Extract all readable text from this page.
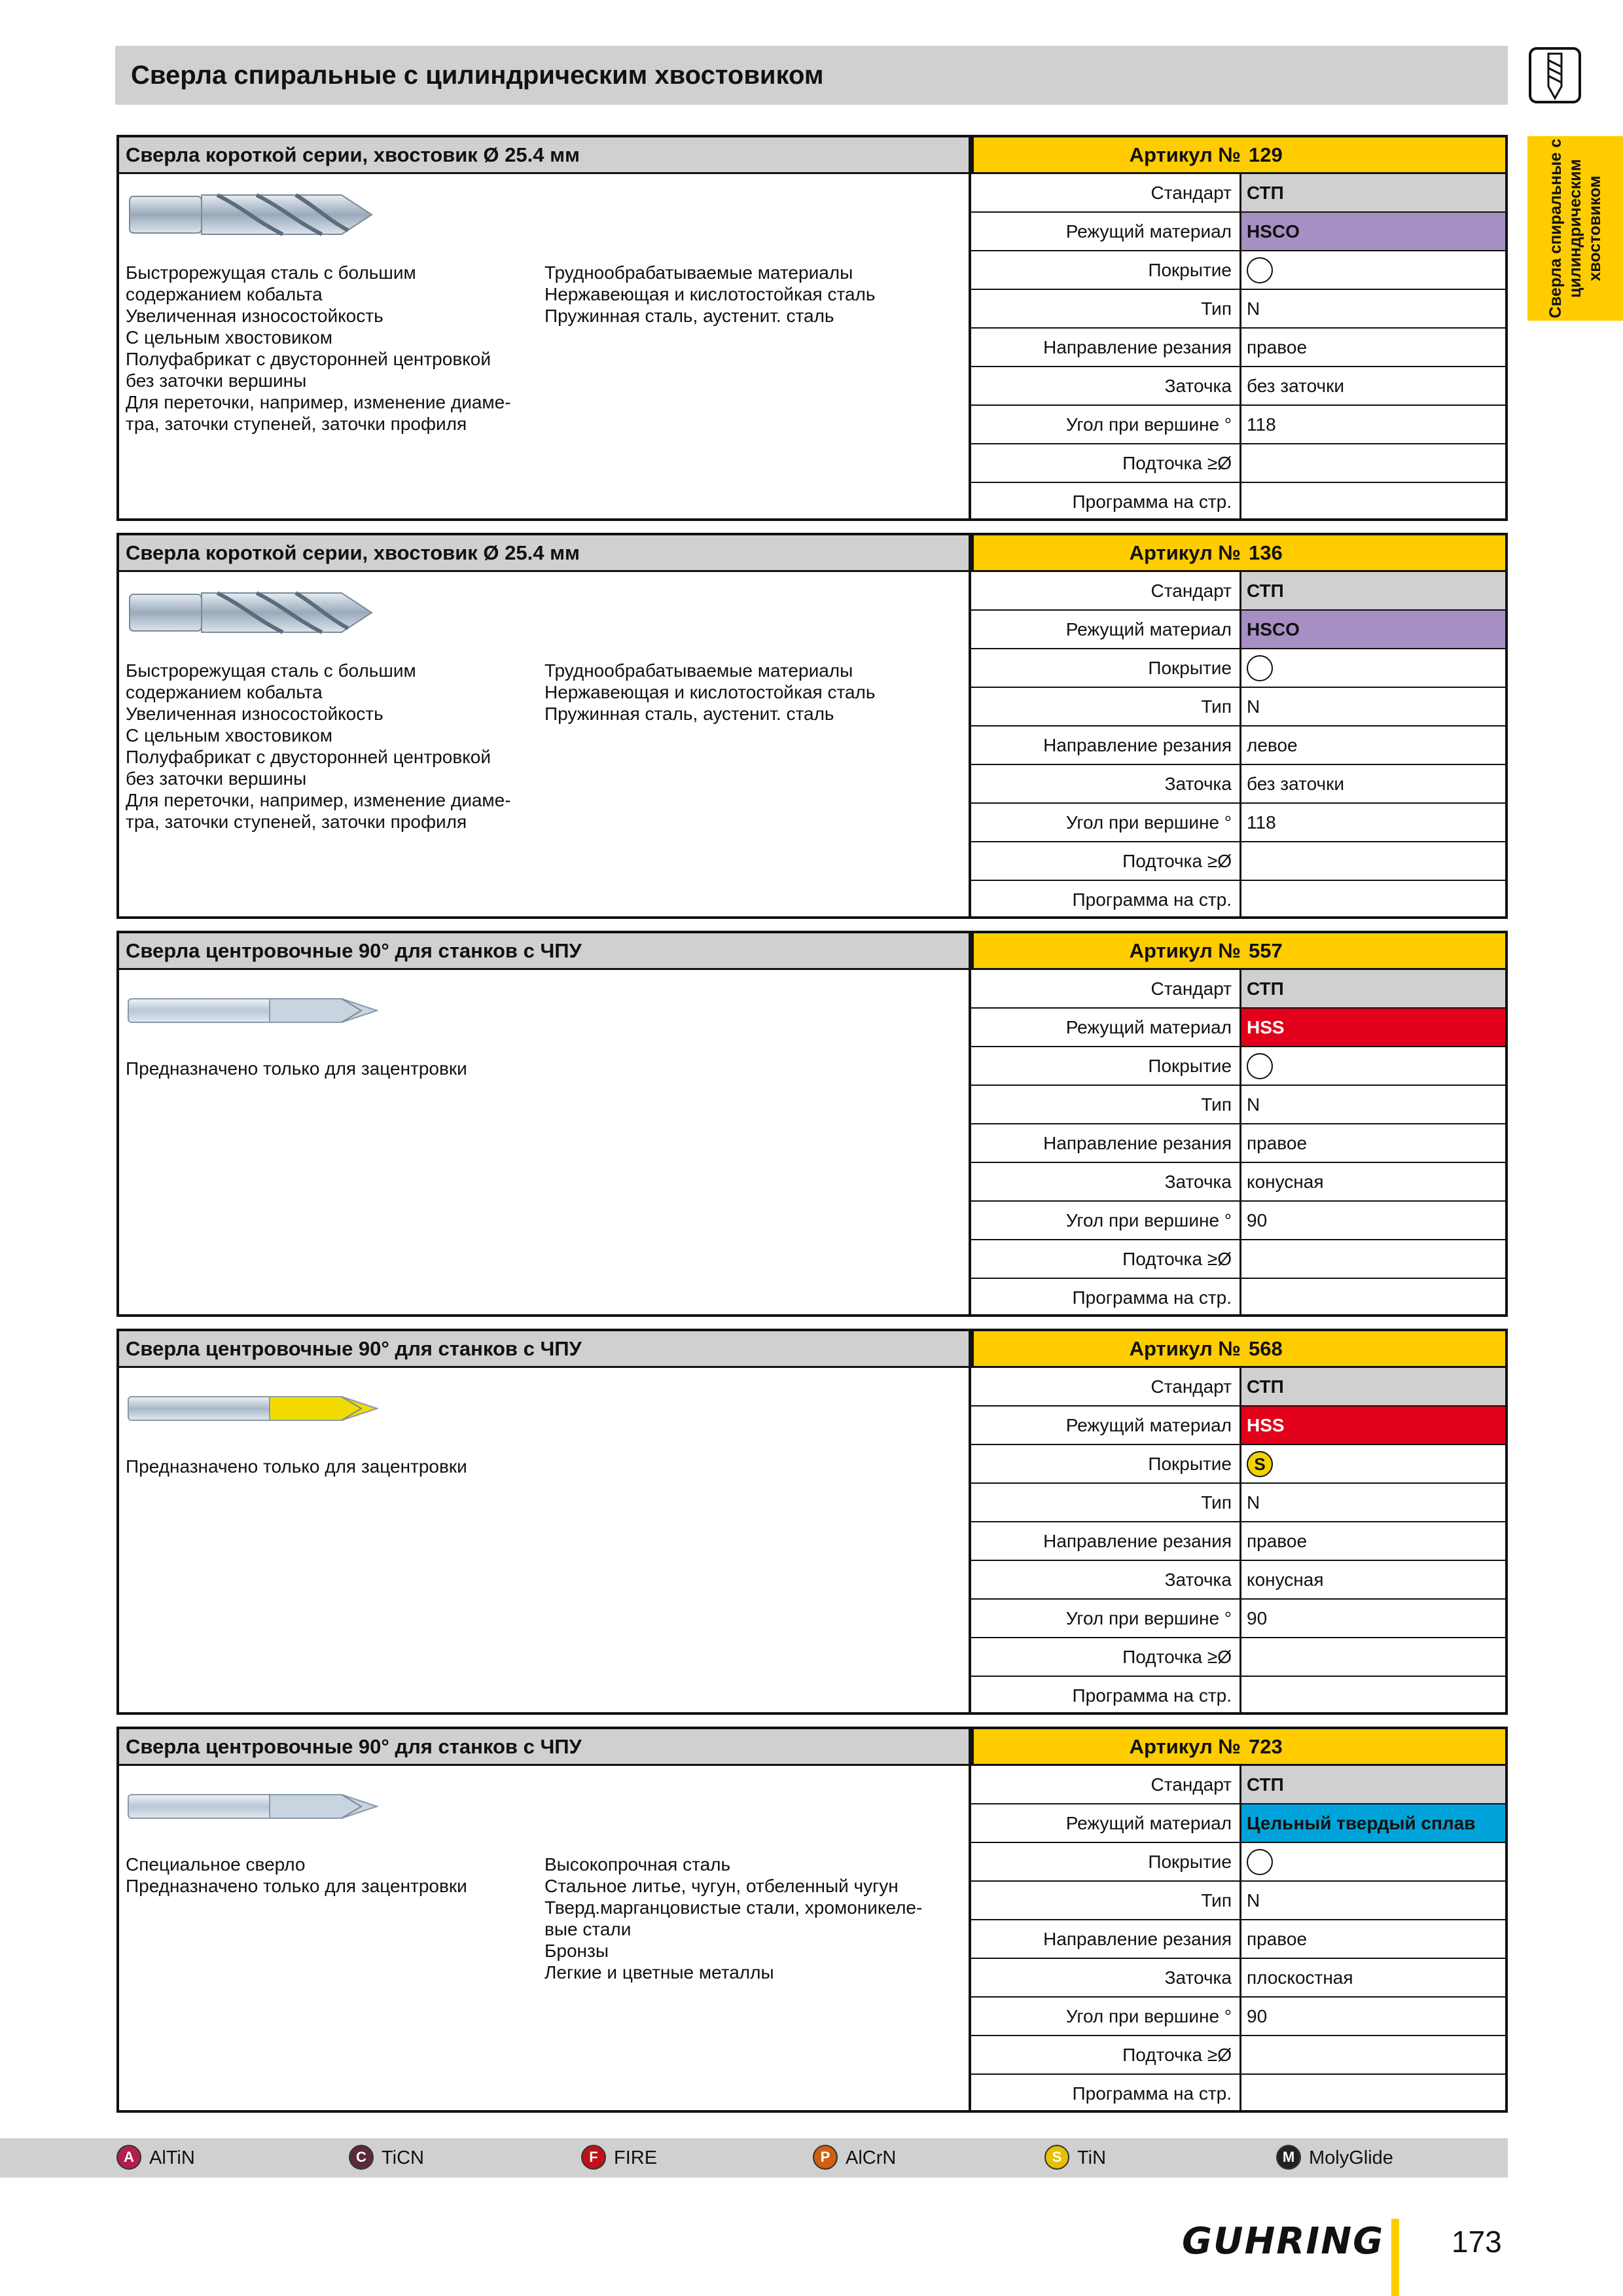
Сверла спиральные с цилиндрическим хвостовиком
Сверла спиральные с цилиндрическим хвостовиком
Сверла короткой серии, хвостовик Ø 25.4 мм	Артикул № 129
Быстрорежущая сталь с большим
содержанием кобальта
Увеличенная износостойкость
С цельным хвостовиком
Полуфабрикат с двусторонней центровкой
без заточки вершины
Для переточки, например, изменение диаме-
тра, заточки ступеней, заточки профиля
Труднообрабатываемые материалы
Нержавеющая и кислотостойкая сталь
Пружинная сталь, аустенит. сталь
Стандарт СТП
Режущий материал HSCO
Покрытие
Тип N
Направление резания правое
Заточка без заточки
Угол при вершине ° 118
Подточка ≥Ø
Программа на стр.
Сверла короткой серии, хвостовик Ø 25.4 мм	Артикул № 136
Быстрорежущая сталь с большим
содержанием кобальта
Увеличенная износостойкость
С цельным хвостовиком
Полуфабрикат с двусторонней центровкой
без заточки вершины
Для переточки, например, изменение диаме-
тра, заточки ступеней, заточки профиля
Труднообрабатываемые материалы
Нержавеющая и кислотостойкая сталь
Пружинная сталь, аустенит. сталь
Стандарт СТП
Режущий материал HSCO
Покрытие
Тип N
Направление резания левое
Заточка без заточки
Угол при вершине ° 118
Подточка ≥Ø
Программа на стр.
Сверла центровочные 90° для станков с ЧПУ	Артикул № 557
Предназначено только для зацентровки
Стандарт СТП
Режущий материал HSS
Покрытие
Тип N
Направление резания правое
Заточка конусная
Угол при вершине ° 90
Подточка ≥Ø
Программа на стр.
Сверла центровочные 90° для станков с ЧПУ	Артикул № 568
Предназначено только для зацентровки
Стандарт СТП
Режущий материал HSS
Покрытие	S
Тип N
Направление резания правое
Заточка конусная
Угол при вершине ° 90
Подточка ≥Ø
Программа на стр.
Сверла центровочные 90° для станков с ЧПУ	Артикул № 723
Специальное сверло
Предназначено только для зацентровки
Высокопрочная сталь
Стальное литье, чугун, отбеленный чугун
Тверд.марганцовистые стали, хромоникеле-
вые стали
Бронзы
Легкие и цветные металлы
Стандарт СТП
Режущий материал Цельный твердый сплав
Покрытие
Тип N
Направление резания правое
Заточка плоскостная
Угол при вершине ° 90
Подточка ≥Ø
Программа на стр.
A AlTiN	C TiCN	F FIRE	P AlCrN	S TiN	M MolyGlide
GUHRING 173
